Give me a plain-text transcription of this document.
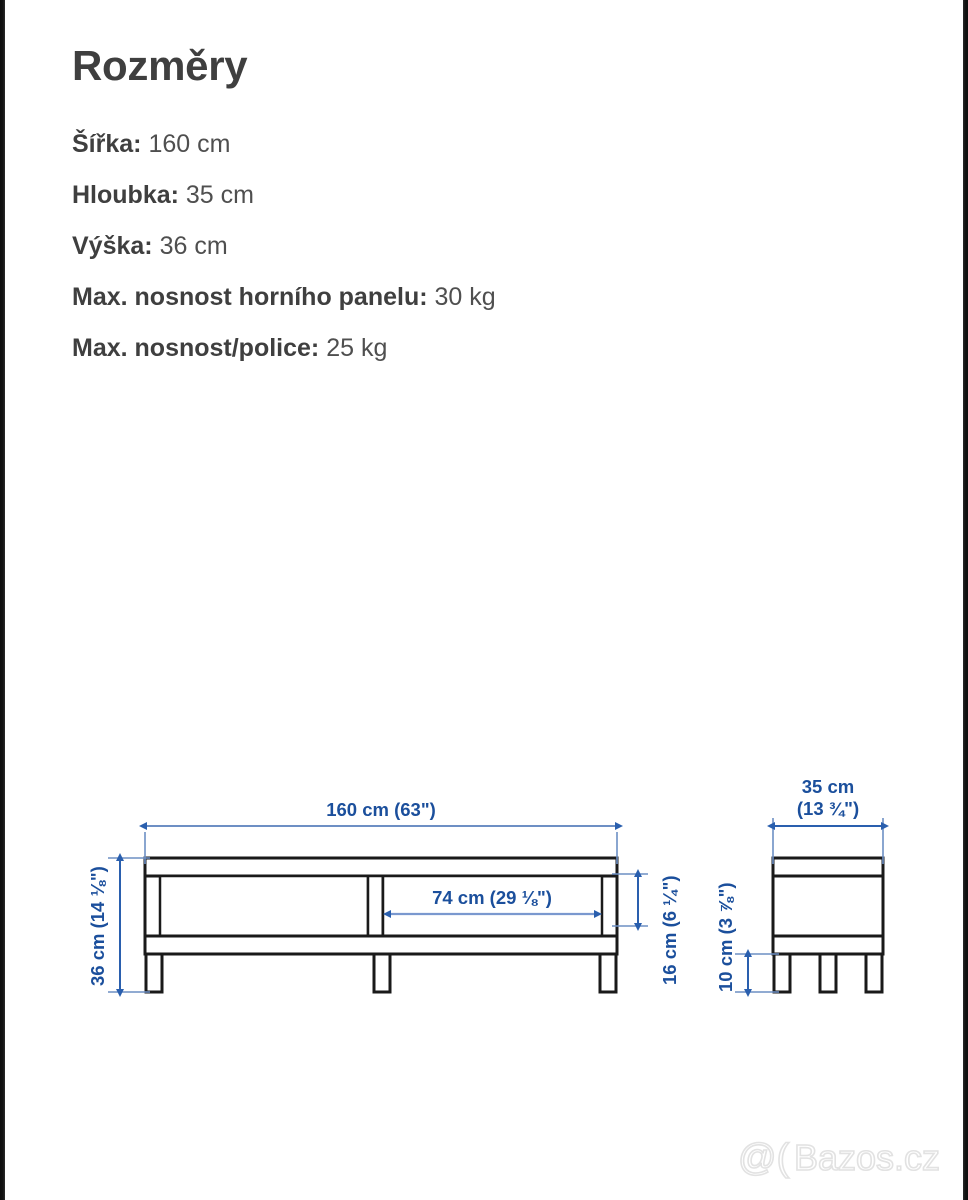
Rozměry
Šířka: 160 cm
Hloubka: 35 cm
Výška: 36 cm
Max. nosnost horního panelu: 30 kg
Max. nosnost/police: 25 kg
160 cm (63")
36 cm (14 ⅛")	74 cm (29 ⅛")	16 cm (6 ¼")
35 cm
(13 ¾")
10 cm (3 ⅞")
@( Bazos.cz
